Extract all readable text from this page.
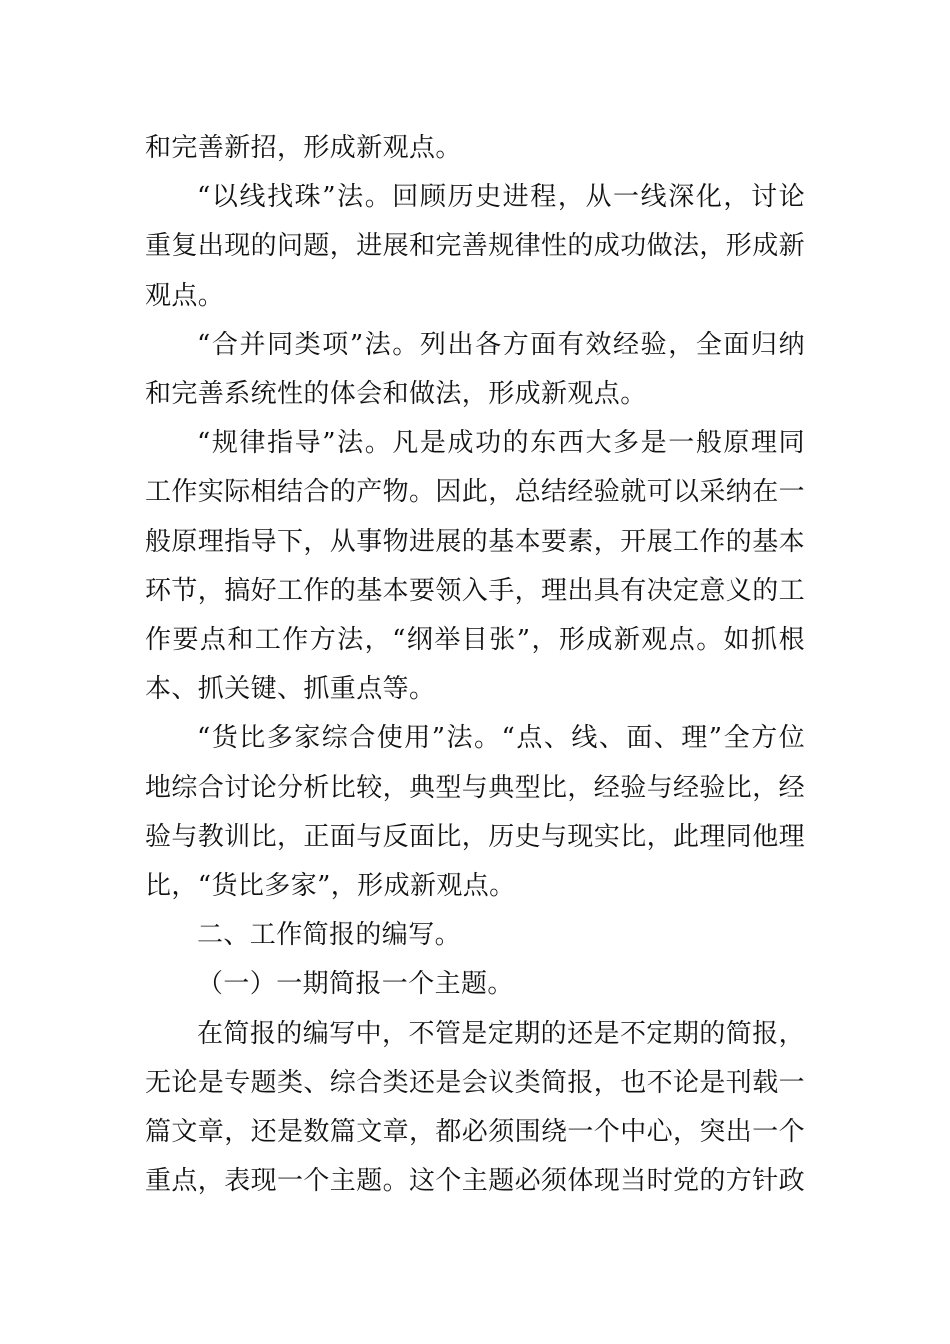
和完善新招，形成新观点。

“以线找珠”法。回顾历史进程，从一线深化，讨论重复出现的问题，进展和完善规律性的成功做法，形成新观点。

“合并同类项”法。列出各方面有效经验，全面归纳和完善系统性的体会和做法，形成新观点。

“规律指导”法。凡是成功的东西大多是一般原理同工作实际相结合的产物。因此，总结经验就可以采纳在一般原理指导下，从事物进展的基本要素，开展工作的基本环节，搞好工作的基本要领入手，理出具有决定意义的工作要点和工作方法，“纲举目张”，形成新观点。如抓根本、抓关键、抓重点等。

“货比多家综合使用”法。“点、线、面、理”全方位地综合讨论分析比较，典型与典型比，经验与经验比，经验与教训比，正面与反面比，历史与现实比，此理同他理比，“货比多家”，形成新观点。

二、工作简报的编写。

（一）一期简报一个主题。

在简报的编写中，不管是定期的还是不定期的简报，无论是专题类、综合类还是会议类简报，也不论是刊载一篇文章，还是数篇文章，都必须围绕一个中心，突出一个重点，表现一个主题。这个主题必须体现当时党的方针政
